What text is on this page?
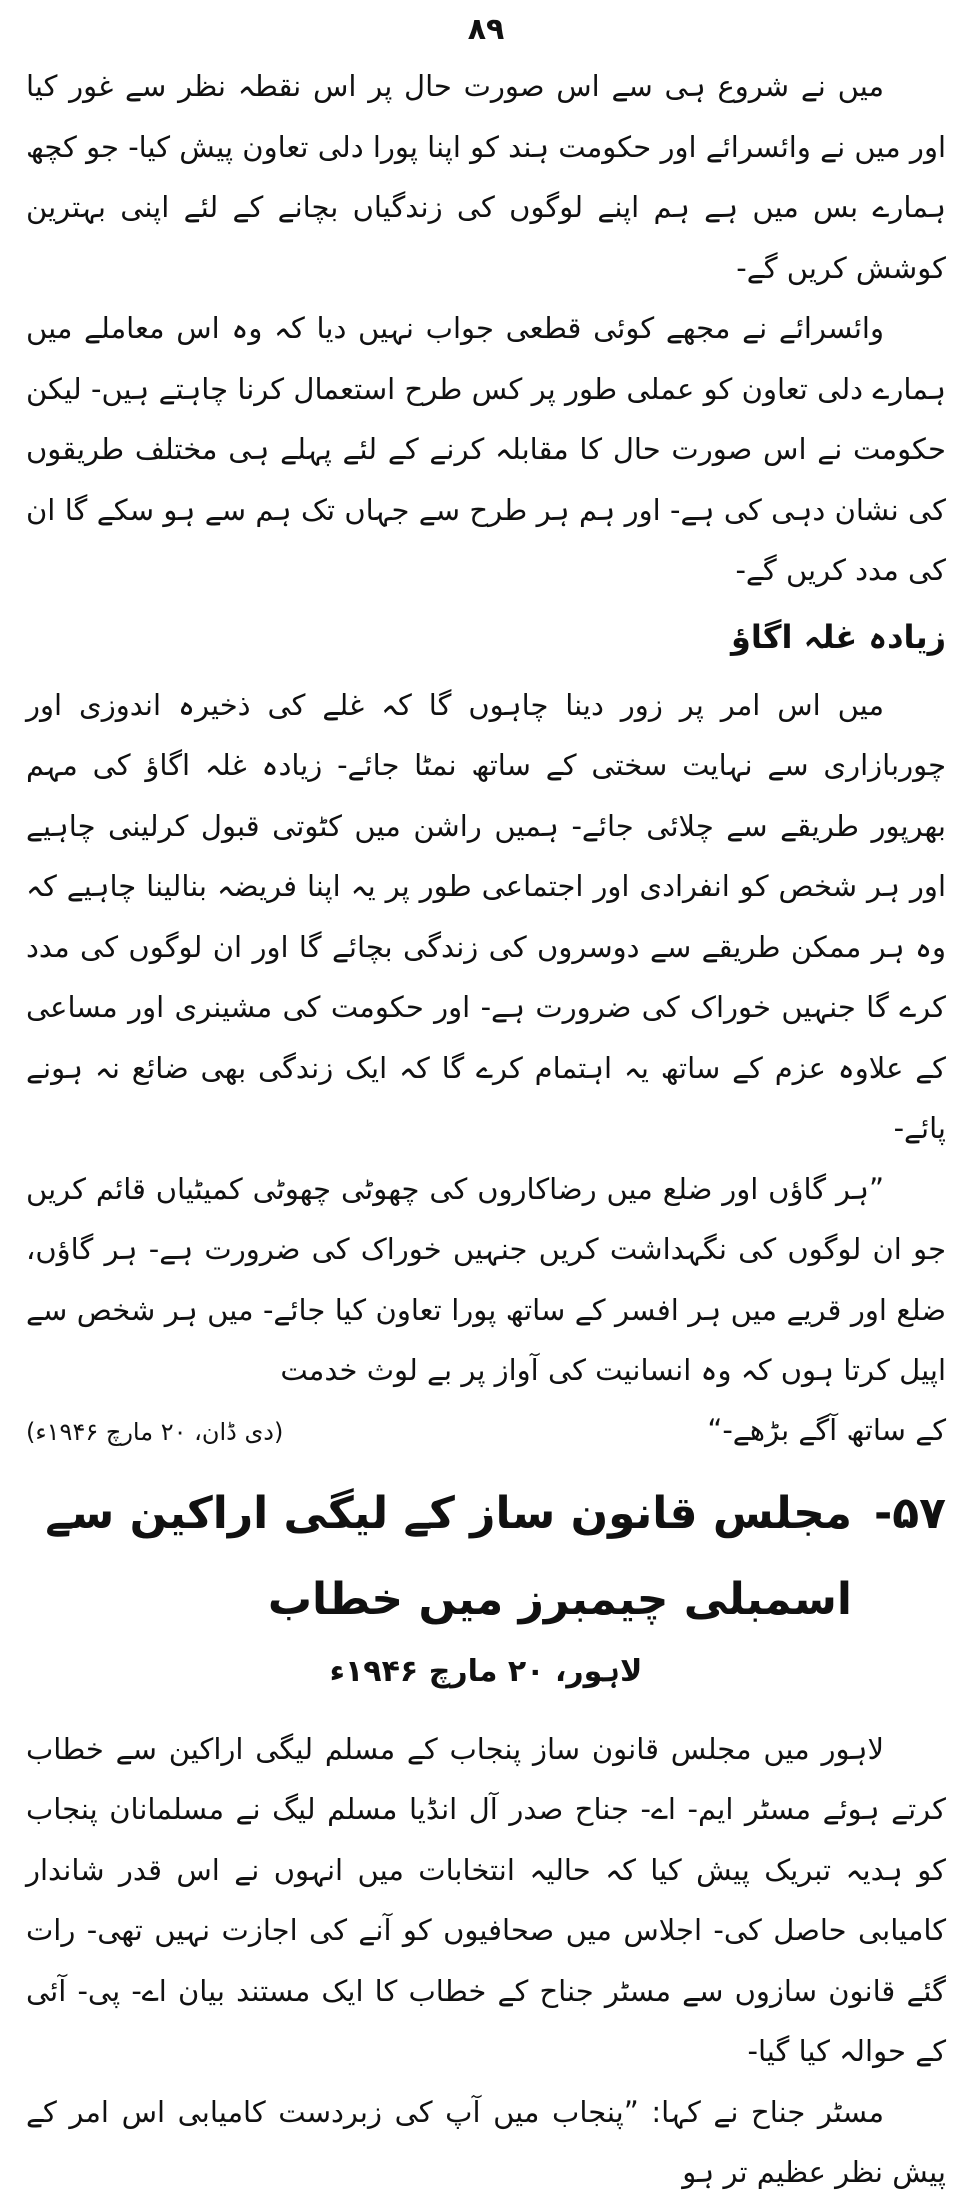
۸۹

میں نے شروع ہی سے اس صورت حال پر اس نقطہ نظر سے غور کیا اور میں نے وائسرائے اور حکومت ہند کو اپنا پورا دلی تعاون پیش کیا- جو کچھ ہمارے بس میں ہے ہم اپنے لوگوں کی زندگیاں بچانے کے لئے اپنی بہترین کوشش کریں گے-

وائسرائے نے مجھے کوئی قطعی جواب نہیں دیا کہ وہ اس معاملے میں ہمارے دلی تعاون کو عملی طور پر کس طرح استعمال کرنا چاہتے ہیں- لیکن حکومت نے اس صورت حال کا مقابلہ کرنے کے لئے پہلے ہی مختلف طریقوں کی نشان دہی کی ہے- اور ہم ہر طرح سے جہاں تک ہم سے ہو سکے گا ان کی مدد کریں گے-

زیادہ غلہ اگاؤ

میں اس امر پر زور دینا چاہوں گا کہ غلے کی ذخیرہ اندوزی اور چوربازاری سے نہایت سختی کے ساتھ نمٹا جائے- زیادہ غلہ اگاؤ کی مہم بھرپور طریقے سے چلائی جائے- ہمیں راشن میں کٹوتی قبول کرلینی چاہیے اور ہر شخص کو انفرادی اور اجتماعی طور پر یہ اپنا فریضہ بنالینا چاہیے کہ وہ ہر ممکن طریقے سے دوسروں کی زندگی بچائے گا اور ان لوگوں کی مدد کرے گا جنہیں خوراک کی ضرورت ہے- اور حکومت کی مشینری اور مساعی کے علاوہ عزم کے ساتھ یہ اہتمام کرے گا کہ ایک زندگی بھی ضائع نہ ہونے پائے-

”ہر گاؤں اور ضلع میں رضاکاروں کی چھوٹی چھوٹی کمیٹیاں قائم کریں جو ان لوگوں کی نگہداشت کریں جنہیں خوراک کی ضرورت ہے- ہر گاؤں، ضلع اور قریے میں ہر افسر کے ساتھ پورا تعاون کیا جائے- میں ہر شخص سے اپیل کرتا ہوں کہ وہ انسانیت کی آواز پر بے لوث خدمت

کے ساتھ آگے بڑھے-“
(دی ڈان، ۲۰ مارچ ۱۹۴۶ء)
۵۷-
مجلس قانون ساز کے لیگی اراکین سے اسمبلی چیمبرز میں خطاب
لاہور، ۲۰ مارچ ۱۹۴۶ء

لاہور میں مجلس قانون ساز پنجاب کے مسلم لیگی اراکین سے خطاب کرتے ہوئے مسٹر ایم- اے- جناح صدر آل انڈیا مسلم لیگ نے مسلمانان پنجاب کو ہدیہ تبریک پیش کیا کہ حالیہ انتخابات میں انہوں نے اس قدر شاندار کامیابی حاصل کی- اجلاس میں صحافیوں کو آنے کی اجازت نہیں تھی- رات گئے قانون سازوں سے مسٹر جناح کے خطاب کا ایک مستند بیان اے- پی- آئی کے حوالہ کیا گیا-

مسٹر جناح نے کہا: ”پنجاب میں آپ کی زبردست کامیابی اس امر کے پیش نظر عظیم تر ہو
